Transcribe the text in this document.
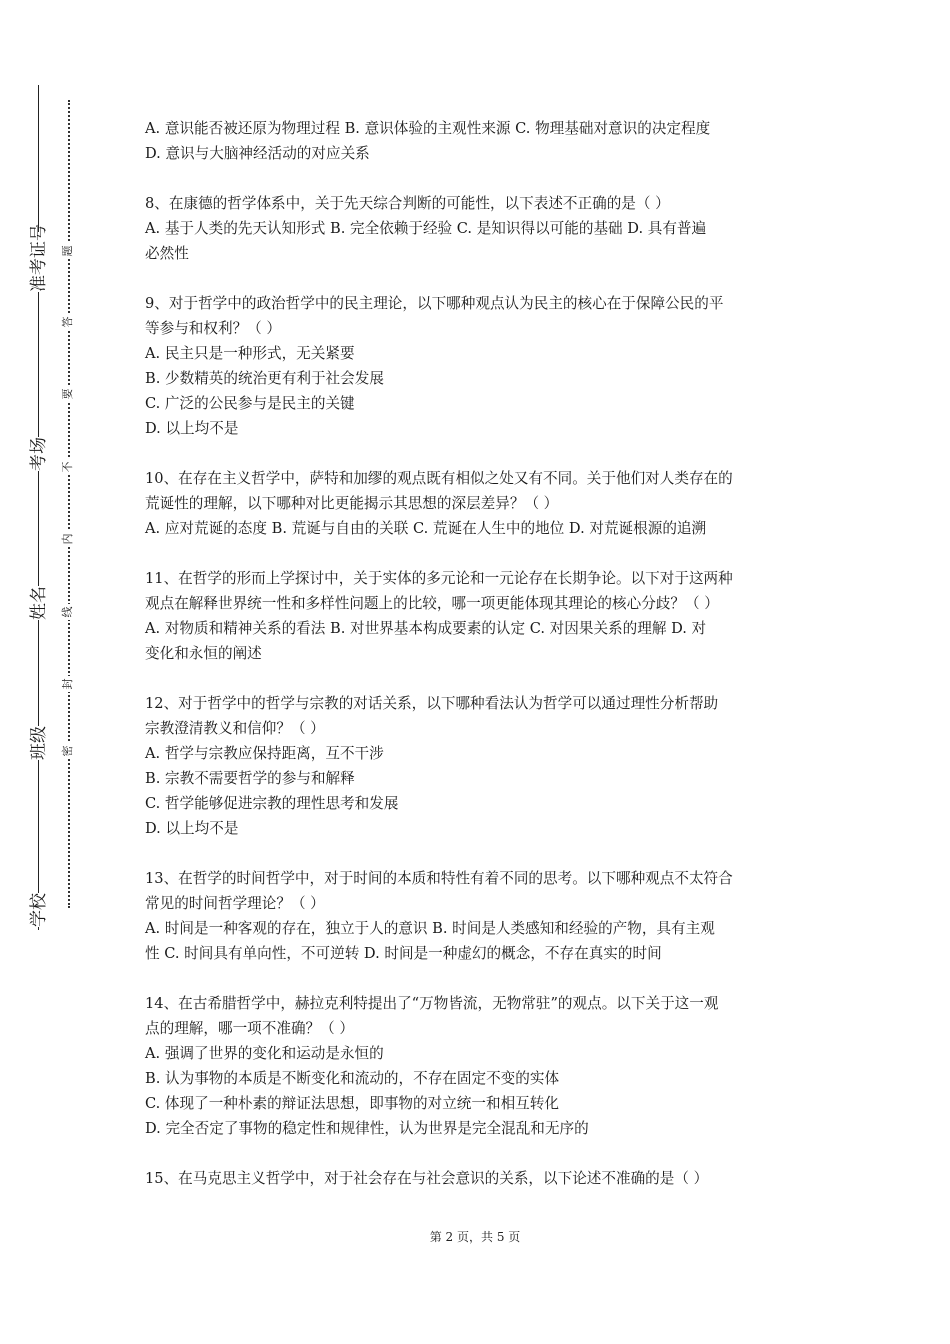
准考证号
考场
姓名
班级
学校
密
封
线
内
不
要
答
题

A. 意识能否被还原为物理过程 B. 意识体验的主观性来源 C. 物理基础对意识的决定程度

D. 意识与大脑神经活动的对应关系

8、在康德的哲学体系中，关于先天综合判断的可能性，以下表述不正确的是（ ）

A. 基于人类的先天认知形式 B. 完全依赖于经验 C. 是知识得以可能的基础 D. 具有普遍

必然性

9、对于哲学中的政治哲学中的民主理论，以下哪种观点认为民主的核心在于保障公民的平

等参与和权利？（ ）

A. 民主只是一种形式，无关紧要

B. 少数精英的统治更有利于社会发展

C. 广泛的公民参与是民主的关键

D. 以上均不是

10、在存在主义哲学中，萨特和加缪的观点既有相似之处又有不同。关于他们对人类存在的

荒诞性的理解，以下哪种对比更能揭示其思想的深层差异？（ ）

A. 应对荒诞的态度 B. 荒诞与自由的关联 C. 荒诞在人生中的地位 D. 对荒诞根源的追溯

11、在哲学的形而上学探讨中，关于实体的多元论和一元论存在长期争论。以下对于这两种

观点在解释世界统一性和多样性问题上的比较，哪一项更能体现其理论的核心分歧？（ ）

A. 对物质和精神关系的看法 B. 对世界基本构成要素的认定 C. 对因果关系的理解 D. 对

变化和永恒的阐述

12、对于哲学中的哲学与宗教的对话关系，以下哪种看法认为哲学可以通过理性分析帮助

宗教澄清教义和信仰？（ ）

A. 哲学与宗教应保持距离，互不干涉

B. 宗教不需要哲学的参与和解释

C. 哲学能够促进宗教的理性思考和发展

D. 以上均不是

13、在哲学的时间哲学中，对于时间的本质和特性有着不同的思考。以下哪种观点不太符合

常见的时间哲学理论？（ ）

A. 时间是一种客观的存在，独立于人的意识 B. 时间是人类感知和经验的产物，具有主观

性 C. 时间具有单向性，不可逆转 D. 时间是一种虚幻的概念，不存在真实的时间

14、在古希腊哲学中，赫拉克利特提出了“万物皆流，无物常驻”的观点。以下关于这一观

点的理解，哪一项不准确？（ ）

A. 强调了世界的变化和运动是永恒的

B. 认为事物的本质是不断变化和流动的，不存在固定不变的实体

C. 体现了一种朴素的辩证法思想，即事物的对立统一和相互转化

D. 完全否定了事物的稳定性和规律性，认为世界是完全混乱和无序的

15、在马克思主义哲学中，对于社会存在与社会意识的关系，以下论述不准确的是（ ）

第 2 页，共 5 页
